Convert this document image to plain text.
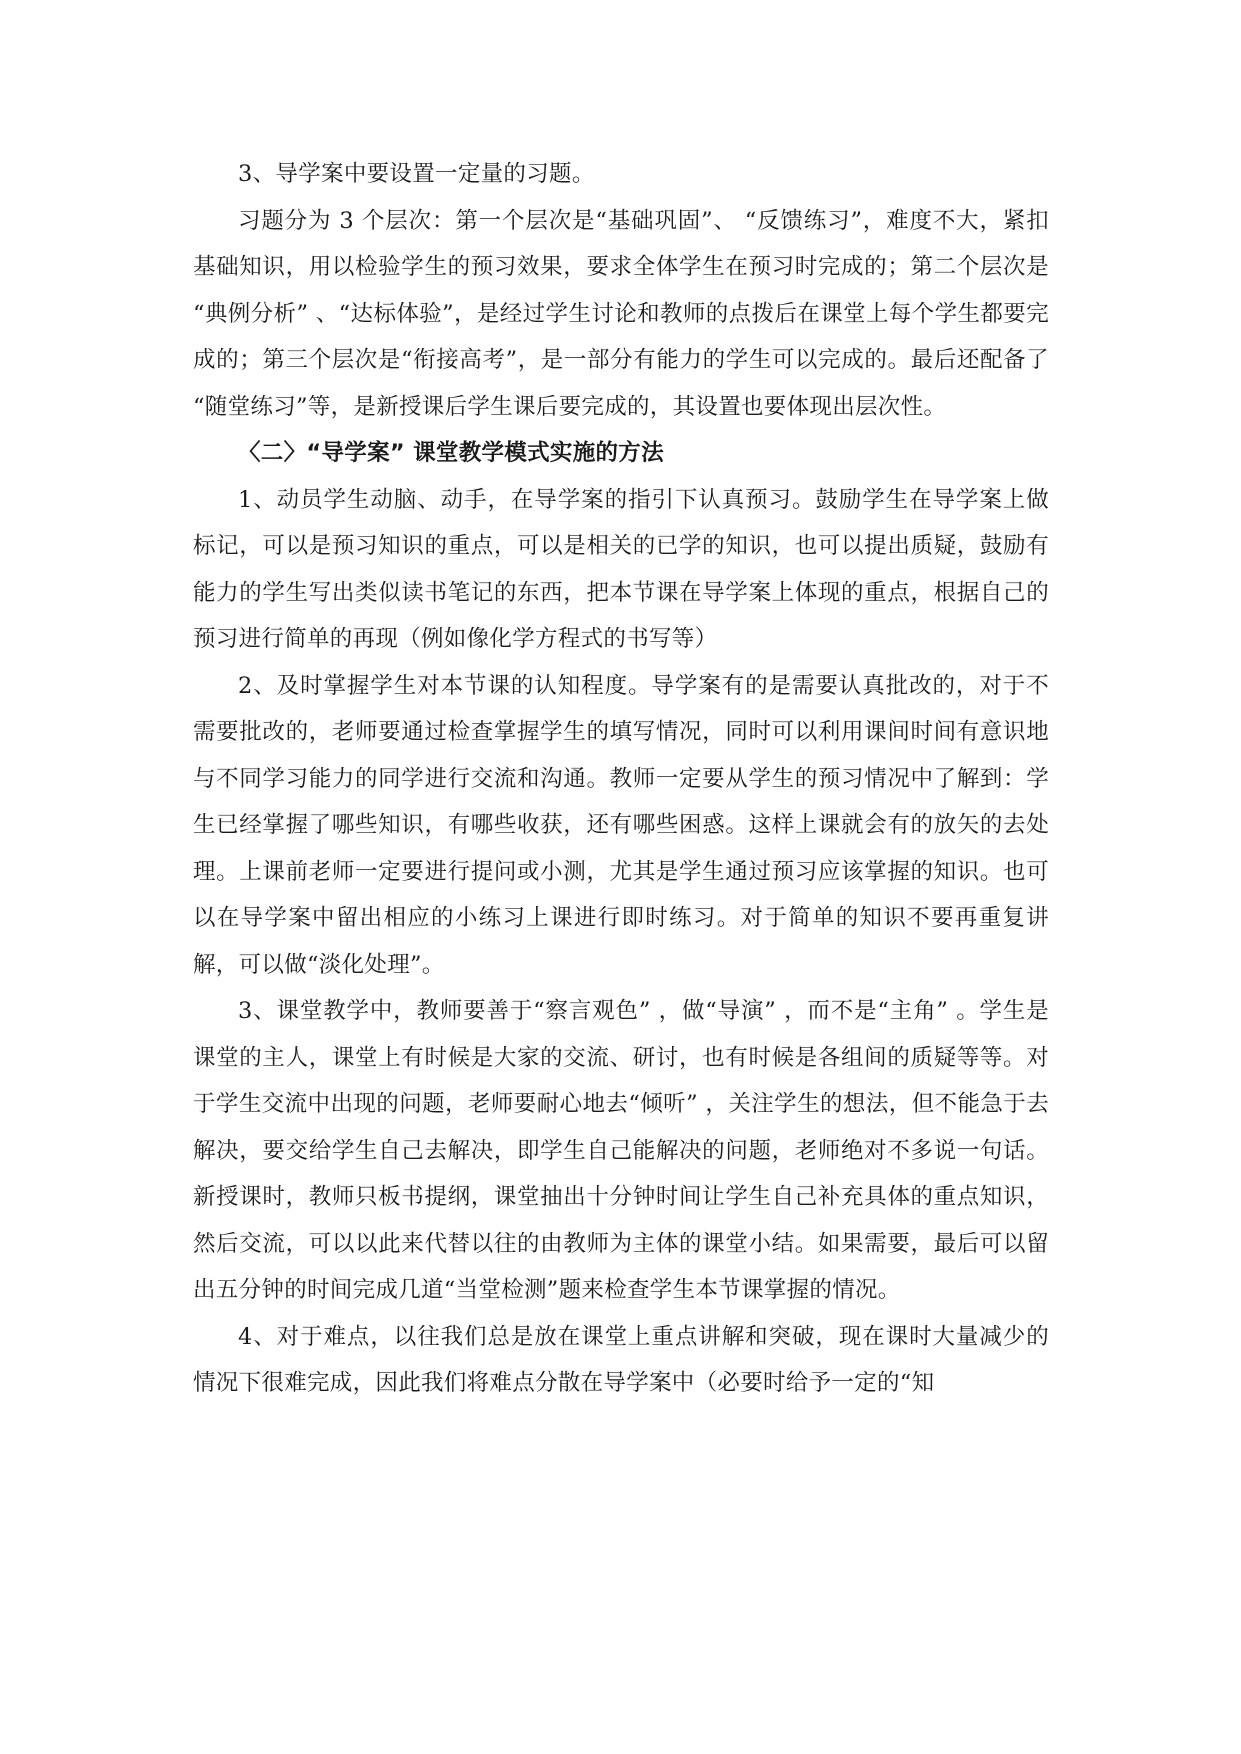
3、导学案中要设置一定量的习题。

习题分为 3 个层次：第一个层次是“基础巩固”、 “反馈练习”，难度不大，紧扣基础知识，用以检验学生的预习效果，要求全体学生在预习时完成的；第二个层次是 “典例分析” 、“达标体验”，是经过学生讨论和教师的点拨后在课堂上每个学生都要完成的；第三个层次是“衔接高考”，是一部分有能力的学生可以完成的。最后还配备了 “随堂练习”等，是新授课后学生课后要完成的，其设置也要体现出层次性。

〈二〉“导学案” 课堂教学模式实施的方法

1、动员学生动脑、动手，在导学案的指引下认真预习。鼓励学生在导学案上做标记，可以是预习知识的重点，可以是相关的已学的知识，也可以提出质疑，鼓励有能力的学生写出类似读书笔记的东西，把本节课在导学案上体现的重点，根据自己的预习进行简单的再现（例如像化学方程式的书写等）

2、及时掌握学生对本节课的认知程度。导学案有的是需要认真批改的，对于不需要批改的，老师要通过检查掌握学生的填写情况，同时可以利用课间时间有意识地与不同学习能力的同学进行交流和沟通。教师一定要从学生的预习情况中了解到：学生已经掌握了哪些知识，有哪些收获，还有哪些困惑。这样上课就会有的放矢的去处理。上课前老师一定要进行提问或小测，尤其是学生通过预习应该掌握的知识。也可以在导学案中留出相应的小练习上课进行即时练习。对于简单的知识不要再重复讲解，可以做“淡化处理”。

3、课堂教学中，教师要善于“察言观色” ，做“导演” ，而不是“主角” 。学生是课堂的主人，课堂上有时候是大家的交流、研讨，也有时候是各组间的质疑等等。对于学生交流中出现的问题，老师要耐心地去“倾听” ，关注学生的想法，但不能急于去解决，要交给学生自己去解决，即学生自己能解决的问题，老师绝对不多说一句话。新授课时，教师只板书提纲，课堂抽出十分钟时间让学生自己补充具体的重点知识，然后交流，可以以此来代替以往的由教师为主体的课堂小结。如果需要，最后可以留出五分钟的时间完成几道“当堂检测”题来检查学生本节课掌握的情况。

4、对于难点，以往我们总是放在课堂上重点讲解和突破，现在课时大量减少的情况下很难完成，因此我们将难点分散在导学案中（必要时给予一定的“知
